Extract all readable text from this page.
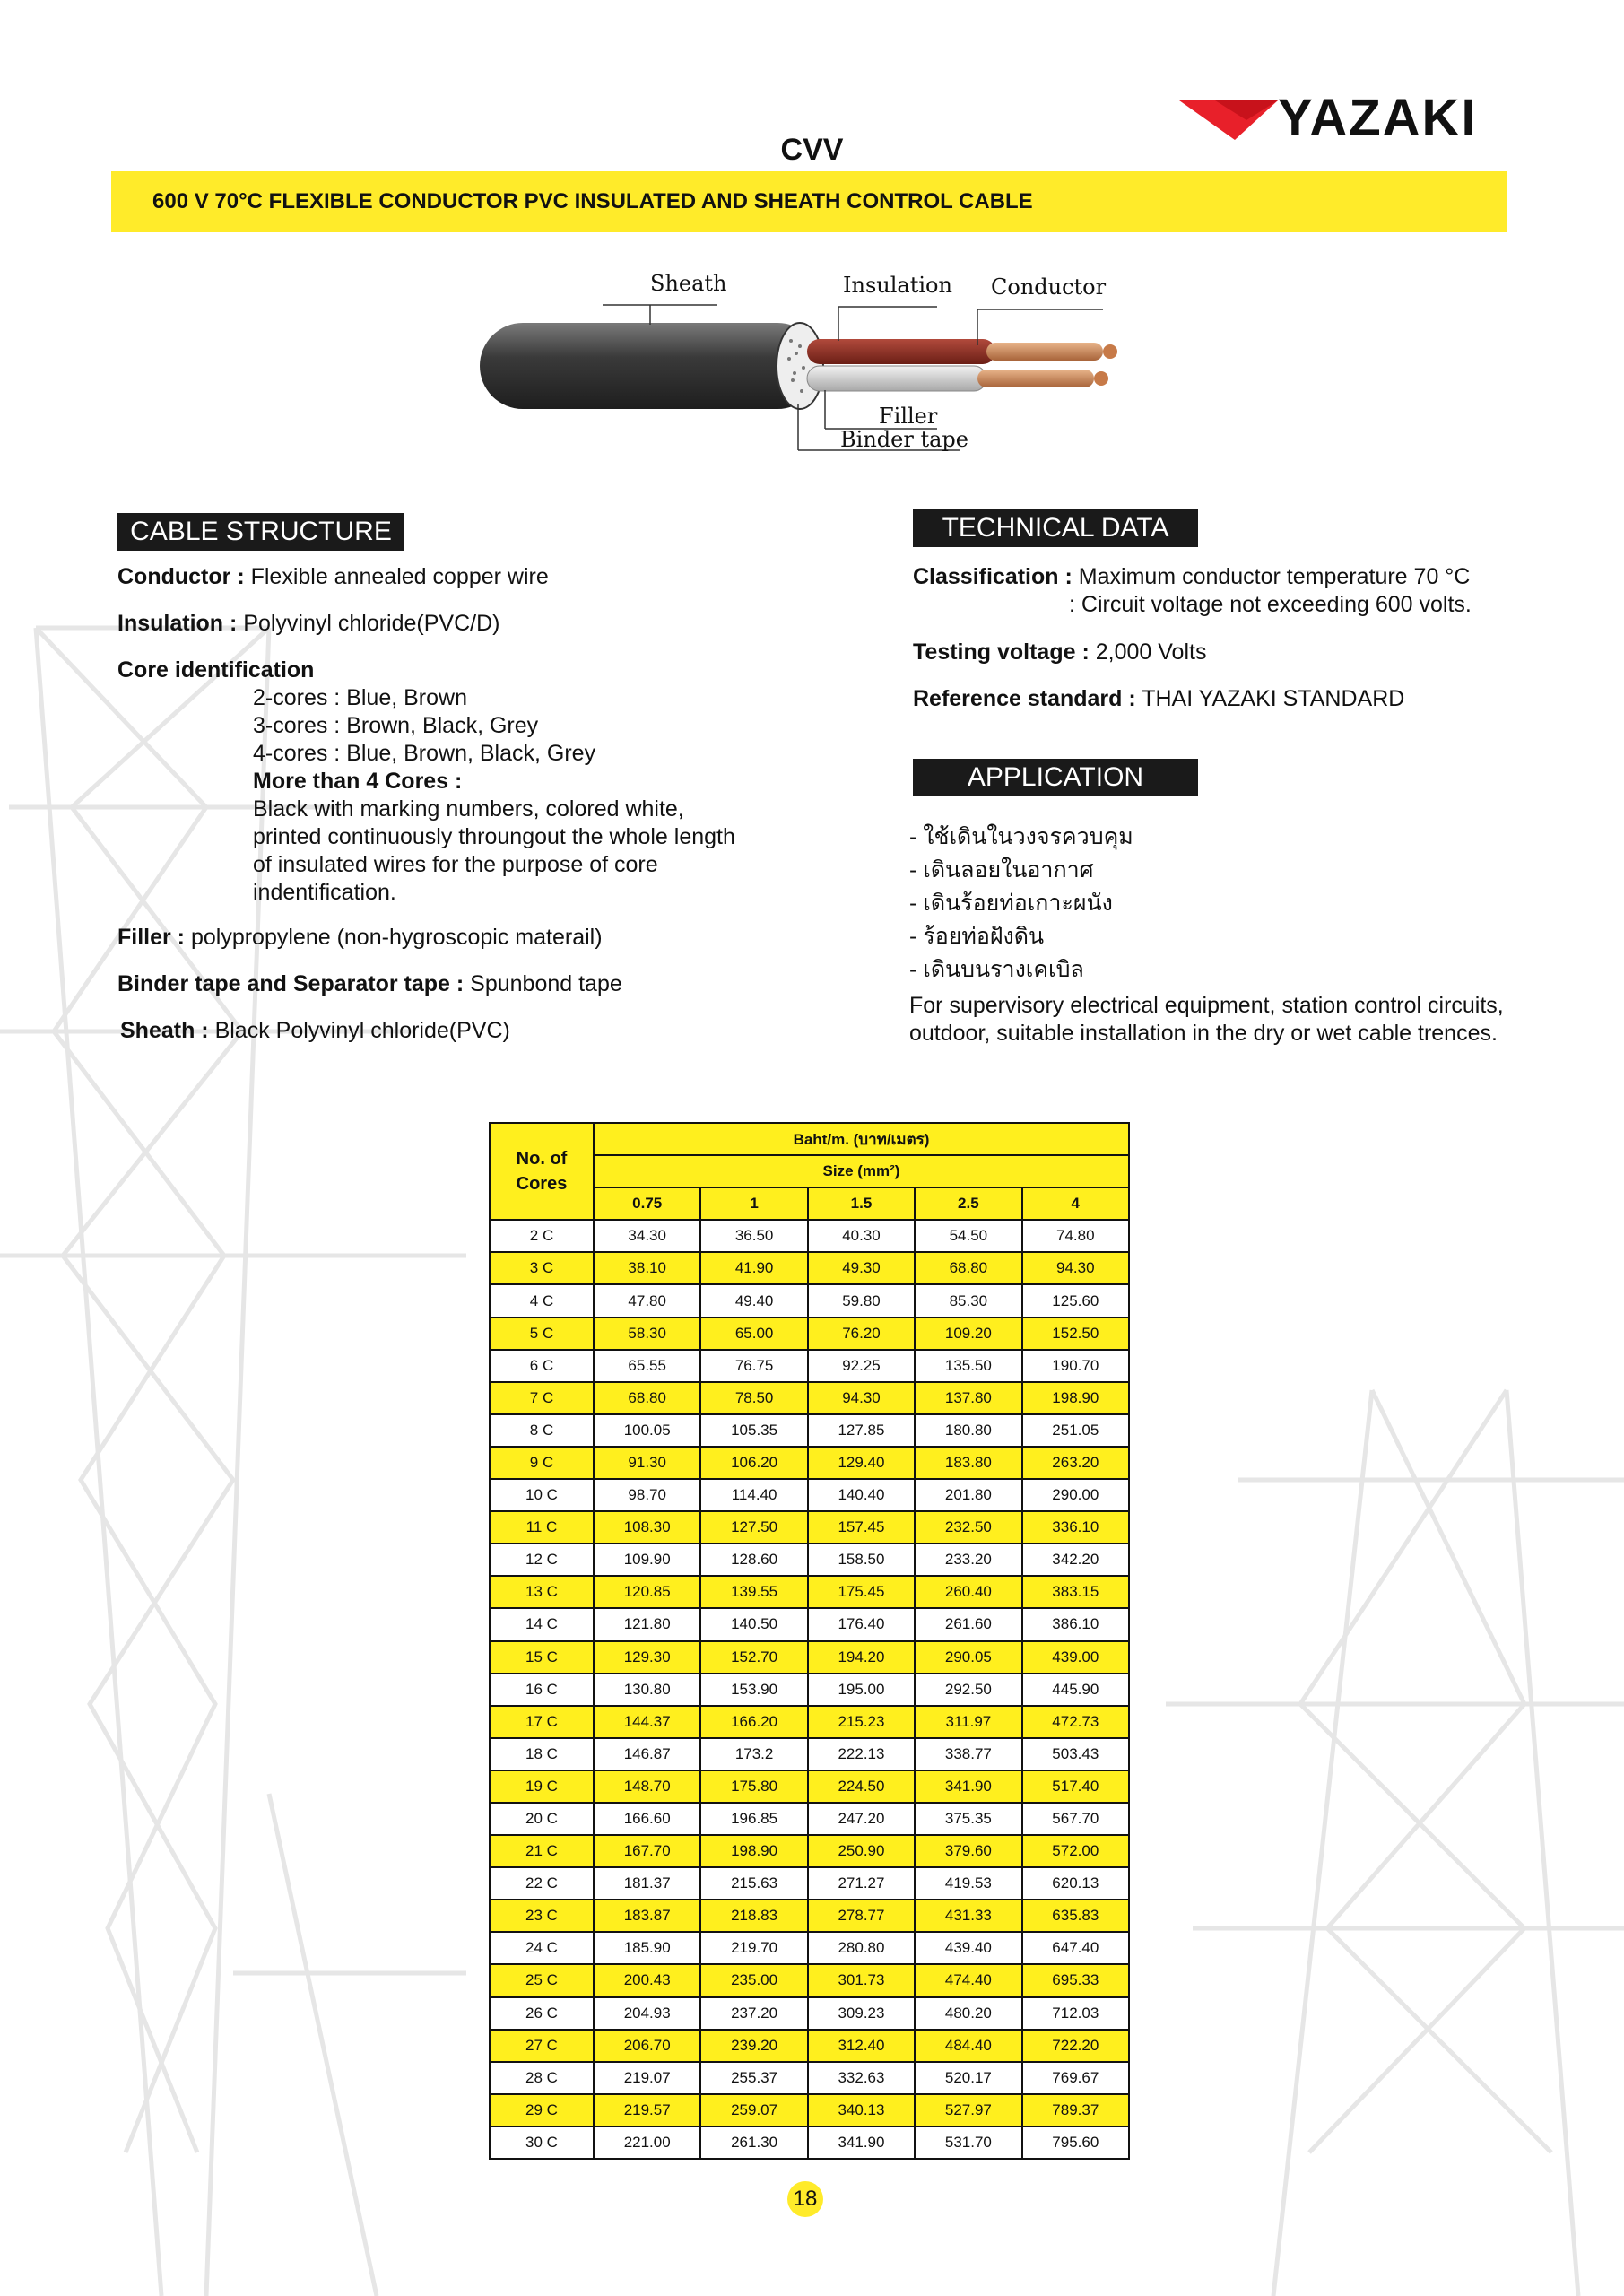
YAZAKI
CVV
600 V 70°C FLEXIBLE CONDUCTOR PVC INSULATED AND SHEATH CONTROL CABLE
Sheath	Insulation Conductor
Filler
Binder tape
CABLE STRUCTURE
Conductor : Flexible annealed copper wire
Insulation : Polyvinyl chloride(PVC/D)
Core identification
2-cores : Blue, Brown
3-cores : Brown, Black, Grey
4-cores : Blue, Brown, Black, Grey
More than 4 Cores :
Black with marking numbers, colored white,
printed continuously throungout the whole length
of insulated wires for the purpose of core
indentification.
Filler : polypropylene (non-hygroscopic materail)
Binder tape and Separator tape : Spunbond tape
Sheath : Black Polyvinyl chloride(PVC)
TECHNICAL DATA
Classification : Maximum conductor temperature 70 °C
: Circuit voltage not exceeding 600 volts.
Testing voltage : 2,000 Volts
Reference standard : THAI YAZAKI STANDARD
APPLICATION
- ใช้เดินในวงจรควบคุม
- เดินลอยในอากาศ
- เดินร้อยท่อเกาะผนัง
- ร้อยท่อฝังดิน
- เดินบนรางเคเบิล
For supervisory electrical equipment, station control circuits,
outdoor, suitable installation in the dry or wet cable trences.
No. of Cores	Baht/m. (บาท/เมตร)				
	Size (mm²)				
	0.75	1	1.5	2.5	4
2 C	34.30	36.50	40.30	54.50	74.80
3 C	38.10	41.90	49.30	68.80	94.30
4 C	47.80	49.40	59.80	85.30	125.60
5 C	58.30	65.00	76.20	109.20	152.50
6 C	65.55	76.75	92.25	135.50	190.70
7 C	68.80	78.50	94.30	137.80	198.90
8 C	100.05	105.35	127.85	180.80	251.05
9 C	91.30	106.20	129.40	183.80	263.20
10 C	98.70	114.40	140.40	201.80	290.00
11 C	108.30	127.50	157.45	232.50	336.10
12 C	109.90	128.60	158.50	233.20	342.20
13 C	120.85	139.55	175.45	260.40	383.15
14 C	121.80	140.50	176.40	261.60	386.10
15 C	129.30	152.70	194.20	290.05	439.00
16 C	130.80	153.90	195.00	292.50	445.90
17 C	144.37	166.20	215.23	311.97	472.73
18 C	146.87	173.2	222.13	338.77	503.43
19 C	148.70	175.80	224.50	341.90	517.40
20 C	166.60	196.85	247.20	375.35	567.70
21 C	167.70	198.90	250.90	379.60	572.00
22 C	181.37	215.63	271.27	419.53	620.13
23 C	183.87	218.83	278.77	431.33	635.83
24 C	185.90	219.70	280.80	439.40	647.40
25 C	200.43	235.00	301.73	474.40	695.33
26 C	204.93	237.20	309.23	480.20	712.03
27 C	206.70	239.20	312.40	484.40	722.20
28 C	219.07	255.37	332.63	520.17	769.67
29 C	219.57	259.07	340.13	527.97	789.37
30 C	221.00	261.30	341.90	531.70	795.60
18
